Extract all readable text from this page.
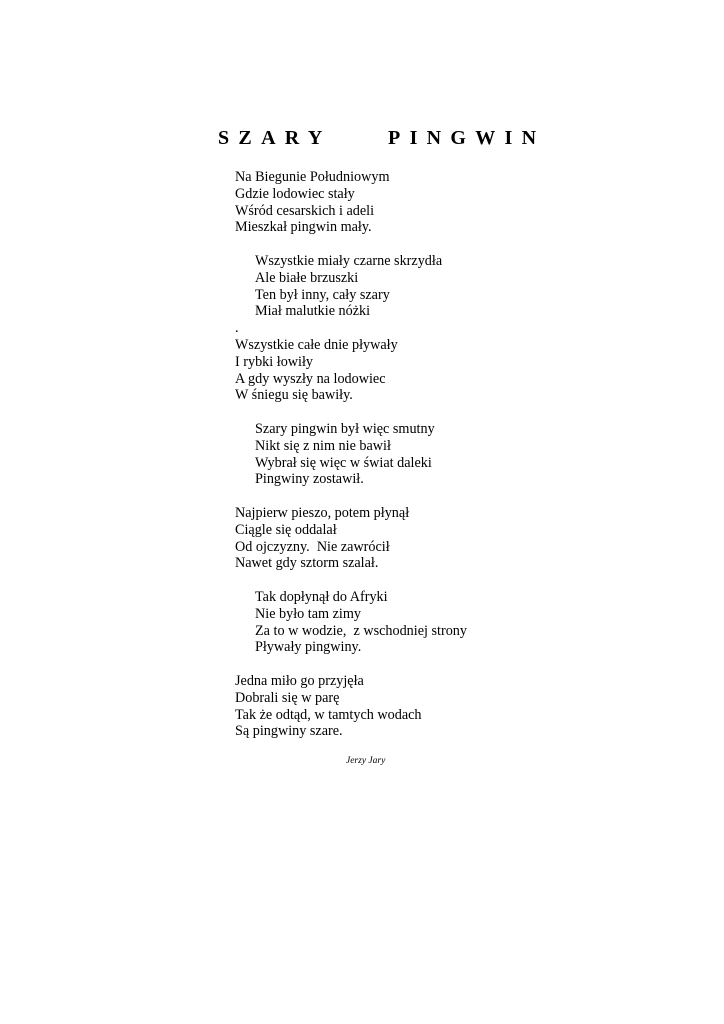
SZARY    PINGWIN
Na Biegunie Południowym
Gdzie lodowiec stały
Wśród cesarskich i adeli
Mieszkał pingwin mały.
Wszystkie miały czarne skrzydła
Ale białe brzuszki
Ten był inny, cały szary
Miał malutkie nóżki
.
Wszystkie całe dnie pływały
I rybki łowiły
A gdy wyszły na lodowiec
W śniegu się bawiły.
Szary pingwin był więc smutny
Nikt się z nim nie bawił
Wybrał się więc w świat daleki
Pingwiny zostawił.
Najpierw pieszo, potem płynął
Ciągle się oddalał
Od ojczyzny.  Nie zawrócił
Nawet gdy sztorm szalał.
Tak dopłynął do Afryki
Nie było tam zimy
Za to w wodzie,  z wschodniej strony
Pływały pingwiny.
Jedna miło go przyjęła
Dobrali się w parę
Tak że odtąd, w tamtych wodach
Są pingwiny szare.
Jerzy Jary
